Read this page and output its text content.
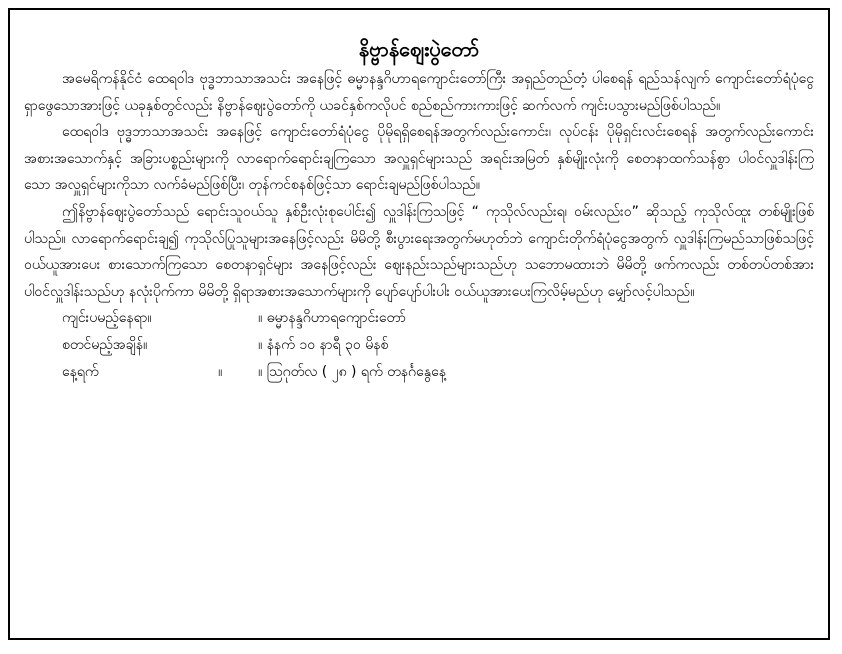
နိဗ္ဗာန်ဈေးပွဲတော်

အမေရိကန်နိုင်ငံ ထေရဝါဒ ဗုဒ္ဓဘာသာအသင်း အနေဖြင့် ဓမ္မာနန္ဒဂိဟာရကျောင်းတော်ကြီး အရှည်တည်တံ့ ပါစေရန် ရည်သန်လျက် ကျောင်းတော်ရံပုံငွေရှာဖွေသောအားဖြင့် ယခုနှစ်တွင်လည်း နိဗ္ဗာန်ဈေးပွဲတော်ကို ယခင်နှစ်ကလိုပင် စည်စည်ကားကားဖြင့် ဆက်လက် ကျင်းပသွားမည်ဖြစ်ပါသည်။

ထေရဝါဒ ဗုဒ္ဓဘာသာအသင်း အနေဖြင့် ကျောင်းတော်ရံပုံငွေ ပိုမိုရရှိစေရန်အတွက်လည်းကောင်း၊ လုပ်ငန်း ပိုမိုရှင်းလင်းစေရန် အတွက်လည်းကောင်း အစားအသောက်နှင့် အခြားပစ္စည်းများကို လာရောက်ရောင်းချကြသော အလှူရှင်များသည် အရင်းအမြတ် နှစ်မျိုးလုံးကို စေတနာထက်သန်စွာ ပါဝင်လှူဒါန်းကြသော အလှူရှင်များကိုသာ လက်ခံမည်ဖြစ်ပြီး၊ တုန်ကင်စနစ်ဖြင့်သာ ရောင်းချမည်ဖြစ်ပါသည်။

ဤနိဗ္ဗာန်ဈေးပွဲတော်သည် ရောင်းသူဝယ်သူ နှစ်ဦးလုံးစုပေါင်း၍ လှူဒါန်းကြသဖြင့် “ ကုသိုလ်လည်းရ၊ ဝမ်းလည်းဝ” ဆိုသည့် ကုသိုလ်ထူး တစ်မျိုးဖြစ်ပါသည်။ လာရောက်ရောင်းချ၍ ကုသိုလ်ပြုသူများအနေဖြင့်လည်း မိမိတို့ စီးပွားရေးအတွက်မဟုတ်ဘဲ ကျောင်းတိုက်ရံပုံငွေအတွက် လှူဒါန်းကြမည်သာဖြစ်သဖြင့် ဝယ်ယူအားပေး စားသောက်ကြသော စေတနာရှင်များ အနေဖြင့်လည်း ဈေးနည်းသည်များသည်ဟု သဘောမထားဘဲ မိမိတို့ ဖက်ကလည်း တစ်တပ်တစ်အား ပါဝင်လှူဒါန်းသည်ဟု နလုံးပိုက်ကာ မိမိတို့ ရှိရာအစားအသောက်များကို ပျော်ပျော်ပါးပါး ဝယ်ယူအားပေးကြလိမ့်မည်ဟု မျှော်လင့်ပါသည်။

ကျင်းပမည့်နေရာ။	။ ဓမ္မာနန္ဒဂိဟာရကျောင်းတော်
စတင်မည့်အချိန်။	။ နံနက် ၁၀ နာရီ ၃၀ မိနစ်
နေ့ရက်	။	။ ဩဂုတ်လ ( ၂၈ ) ရက် တနင်္ဂနွေနေ့
